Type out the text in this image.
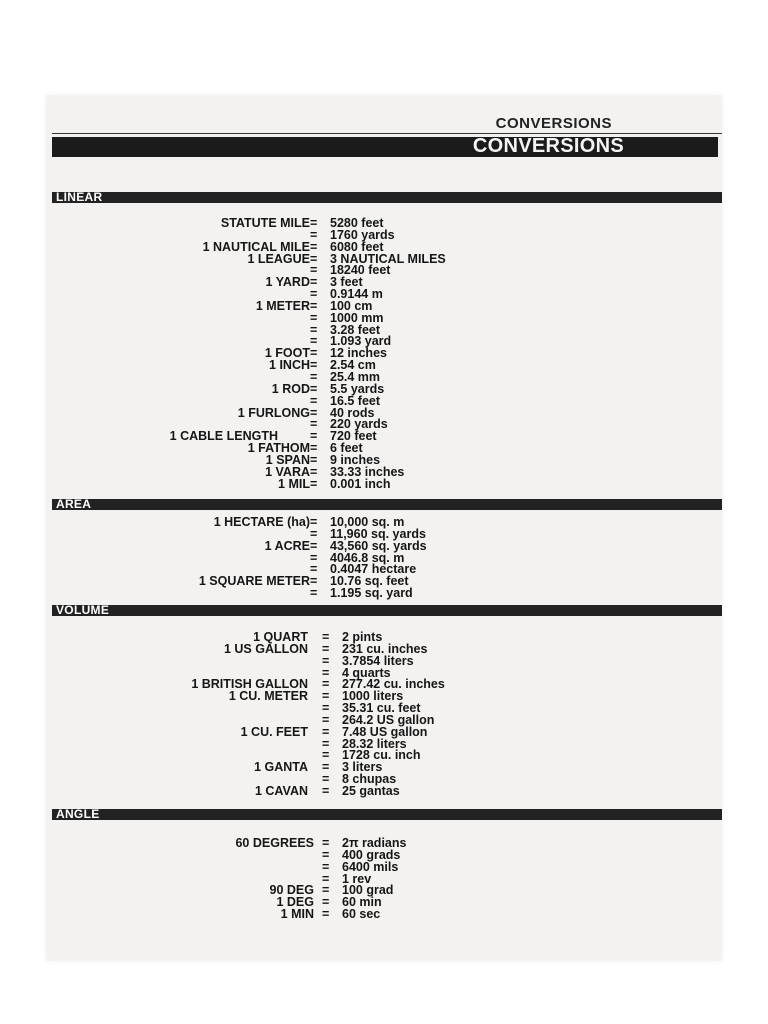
CONVERSIONS
CONVERSIONS
LINEAR
STATUTE MILE = 5280 feet
= 1760 yards
1 NAUTICAL MILE = 6080 feet
1 LEAGUE = 3 NAUTICAL MILES
= 18240 feet
1 YARD = 3 feet
= 0.9144 m
1 METER = 100 cm
= 1000 mm
= 3.28 feet
= 1.093 yard
1 FOOT = 12 inches
1 INCH = 2.54 cm
= 25.4 mm
1 ROD = 5.5 yards
= 16.5 feet
1 FURLONG = 40 rods
= 220 yards
1 CABLE LENGTH	= 720 feet
1 FATHOM = 6 feet
1 SPAN = 9 inches
1 VARA = 33.33 inches
1 MIL = 0.001 inch
AREA
1 HECTARE (ha) = 10,000 sq. m
= 11,960 sq. yards
1 ACRE = 43,560 sq. yards
= 4046.8 sq. m
= 0.4047 hectare
1 SQUARE METER = 10.76 sq. feet
= 1.195 sq. yard
VOLUME
1 QUART = 2 pints
1 US GALLON = 231 cu. inches
= 3.7854 liters
= 4 quarts
1 BRITISH GALLON = 277.42 cu. inches
1 CU. METER = 1000 liters
= 35.31 cu. feet
= 264.2 US gallon
1 CU. FEET = 7.48 US gallon
= 28.32 liters
= 1728 cu. inch
1 GANTA = 3 liters
= 8 chupas
1 CAVAN = 25 gantas
ANGLE
60 DEGREES = 2π radians
= 400 grads
= 6400 mils
= 1 rev
90 DEG = 100 grad
1 DEG = 60 min
1 MIN = 60 sec
